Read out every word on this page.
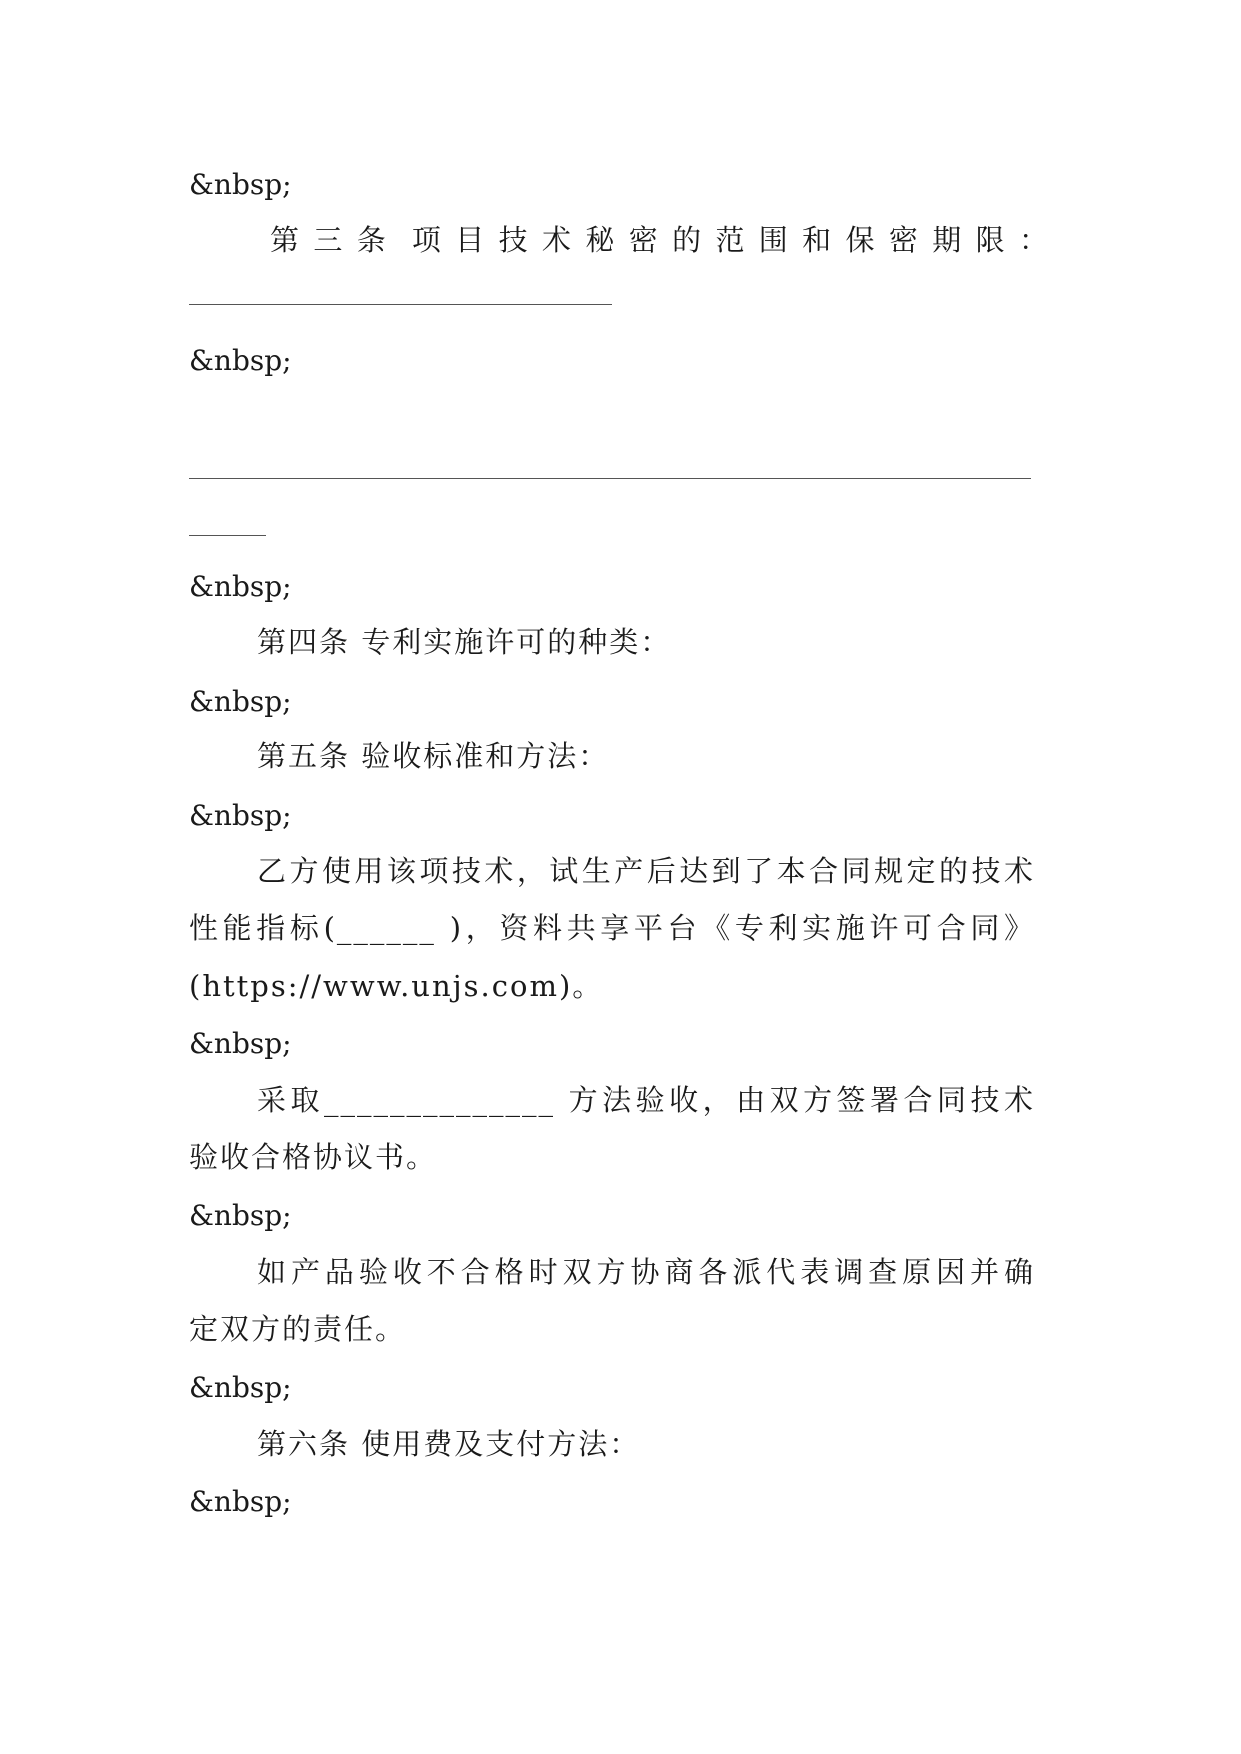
&nbsp;
第 三 条  项 目 技 术 秘 密 的 范 围 和 保 密 期 限 ：
&nbsp;
&nbsp;
第四条 专利实施许可的种类：
&nbsp;
第五条 验收标准和方法：
&nbsp;
乙方使用该项技术，试生产后达到了本合同规定的技术
性能指标(______ )，资料共享平台《专利实施许可合同》
(https://www.unjs.com)。
&nbsp;
采取______________ 方法验收，由双方签署合同技术
验收合格协议书。
&nbsp;
如产品验收不合格时双方协商各派代表调查原因并确
定双方的责任。
&nbsp;
第六条 使用费及支付方法：
&nbsp;
